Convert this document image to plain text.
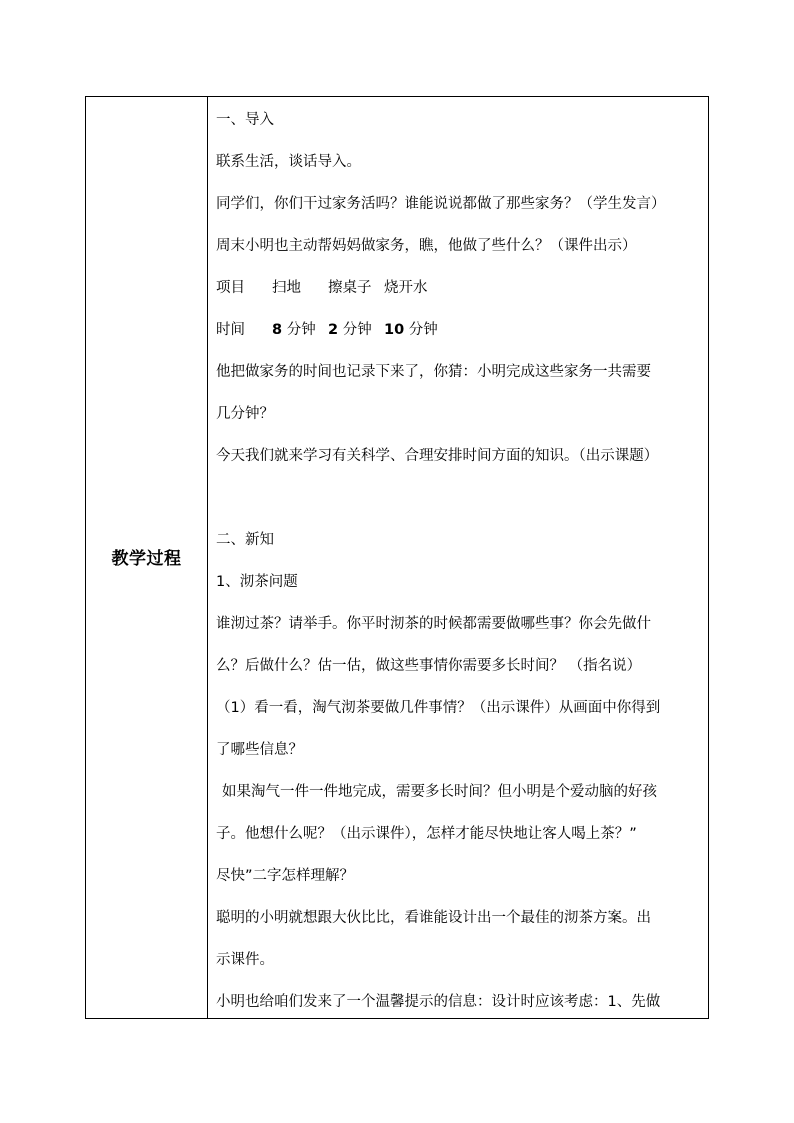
教学过程
一、导入
联系生活，谈话导入。
同学们，你们干过家务活吗？谁能说说都做了那些家务？（学生发言）
周末小明也主动帮妈妈做家务，瞧，他做了些什么？（课件出示）
项目 扫地 擦桌子 烧开水
时间 8 分钟 2 分钟 10 分钟
他把做家务的时间也记录下来了，你猜：小明完成这些家务一共需要
几分钟？
今天我们就来学习有关科学、合理安排时间方面的知识。（出示课题）
二、新知
1、沏茶问题
谁沏过茶？请举手。你平时沏茶的时候都需要做哪些事？你会先做什
么？后做什么？估一估，做这些事情你需要多长时间？ （指名说）
（1）看一看，淘气沏茶要做几件事情？（出示课件）从画面中你得到
了哪些信息？
如果淘气一件一件地完成，需要多长时间？但小明是个爱动脑的好孩
子。他想什么呢？（出示课件），怎样才能尽快地让客人喝上茶？”
尽快”二字怎样理解？
聪明的小明就想跟大伙比比，看谁能设计出一个最佳的沏茶方案。出
示课件。
小明也给咱们发来了一个温馨提示的信息：设计时应该考虑：1、先做
